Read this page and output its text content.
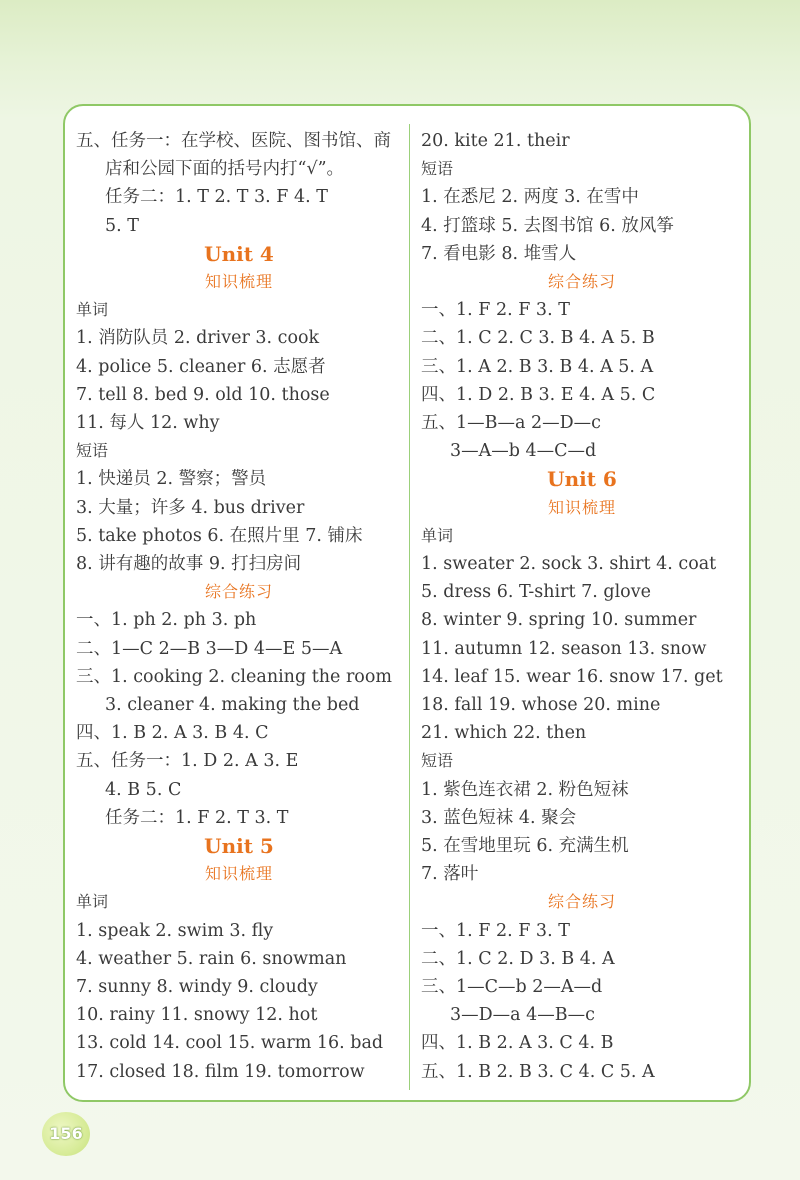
五、任务一：在学校、医院、图书馆、商
店和公园下面的括号内打“√”。
任务二：1. T 2. T 3. F 4. T
5. T
Unit 4
知识梳理
单词
1. 消防队员 2. driver 3. cook
4. police 5. cleaner 6. 志愿者
7. tell 8. bed 9. old 10. those
11. 每人 12. why
短语
1. 快递员 2. 警察；警员
3. 大量；许多 4. bus driver
5. take photos 6. 在照片里 7. 铺床
8. 讲有趣的故事 9. 打扫房间
综合练习
一、1. ph 2. ph 3. ph
二、1—C 2—B 3—D 4—E 5—A
三、1. cooking 2. cleaning the room
3. cleaner 4. making the bed
四、1. B 2. A 3. B 4. C
五、任务一：1. D 2. A 3. E
4. B 5. C
任务二：1. F 2. T 3. T
Unit 5
知识梳理
单词
1. speak 2. swim 3. fly
4. weather 5. rain 6. snowman
7. sunny 8. windy 9. cloudy
10. rainy 11. snowy 12. hot
13. cold 14. cool 15. warm 16. bad
17. closed 18. film 19. tomorrow
20. kite 21. their
短语
1. 在悉尼 2. 两度 3. 在雪中
4. 打篮球 5. 去图书馆 6. 放风筝
7. 看电影 8. 堆雪人
综合练习
一、1. F 2. F 3. T
二、1. C 2. C 3. B 4. A 5. B
三、1. A 2. B 3. B 4. A 5. A
四、1. D 2. B 3. E 4. A 5. C
五、1—B—a 2—D—c
3—A—b 4—C—d
Unit 6
知识梳理
单词
1. sweater 2. sock 3. shirt 4. coat
5. dress 6. T-shirt 7. glove
8. winter 9. spring 10. summer
11. autumn 12. season 13. snow
14. leaf 15. wear 16. snow 17. get
18. fall 19. whose 20. mine
21. which 22. then
短语
1. 紫色连衣裙 2. 粉色短袜
3. 蓝色短袜 4. 聚会
5. 在雪地里玩 6. 充满生机
7. 落叶
综合练习
一、1. F 2. F 3. T
二、1. C 2. D 3. B 4. A
三、1—C—b 2—A—d
3—D—a 4—B—c
四、1. B 2. A 3. C 4. B
五、1. B 2. B 3. C 4. C 5. A
156
